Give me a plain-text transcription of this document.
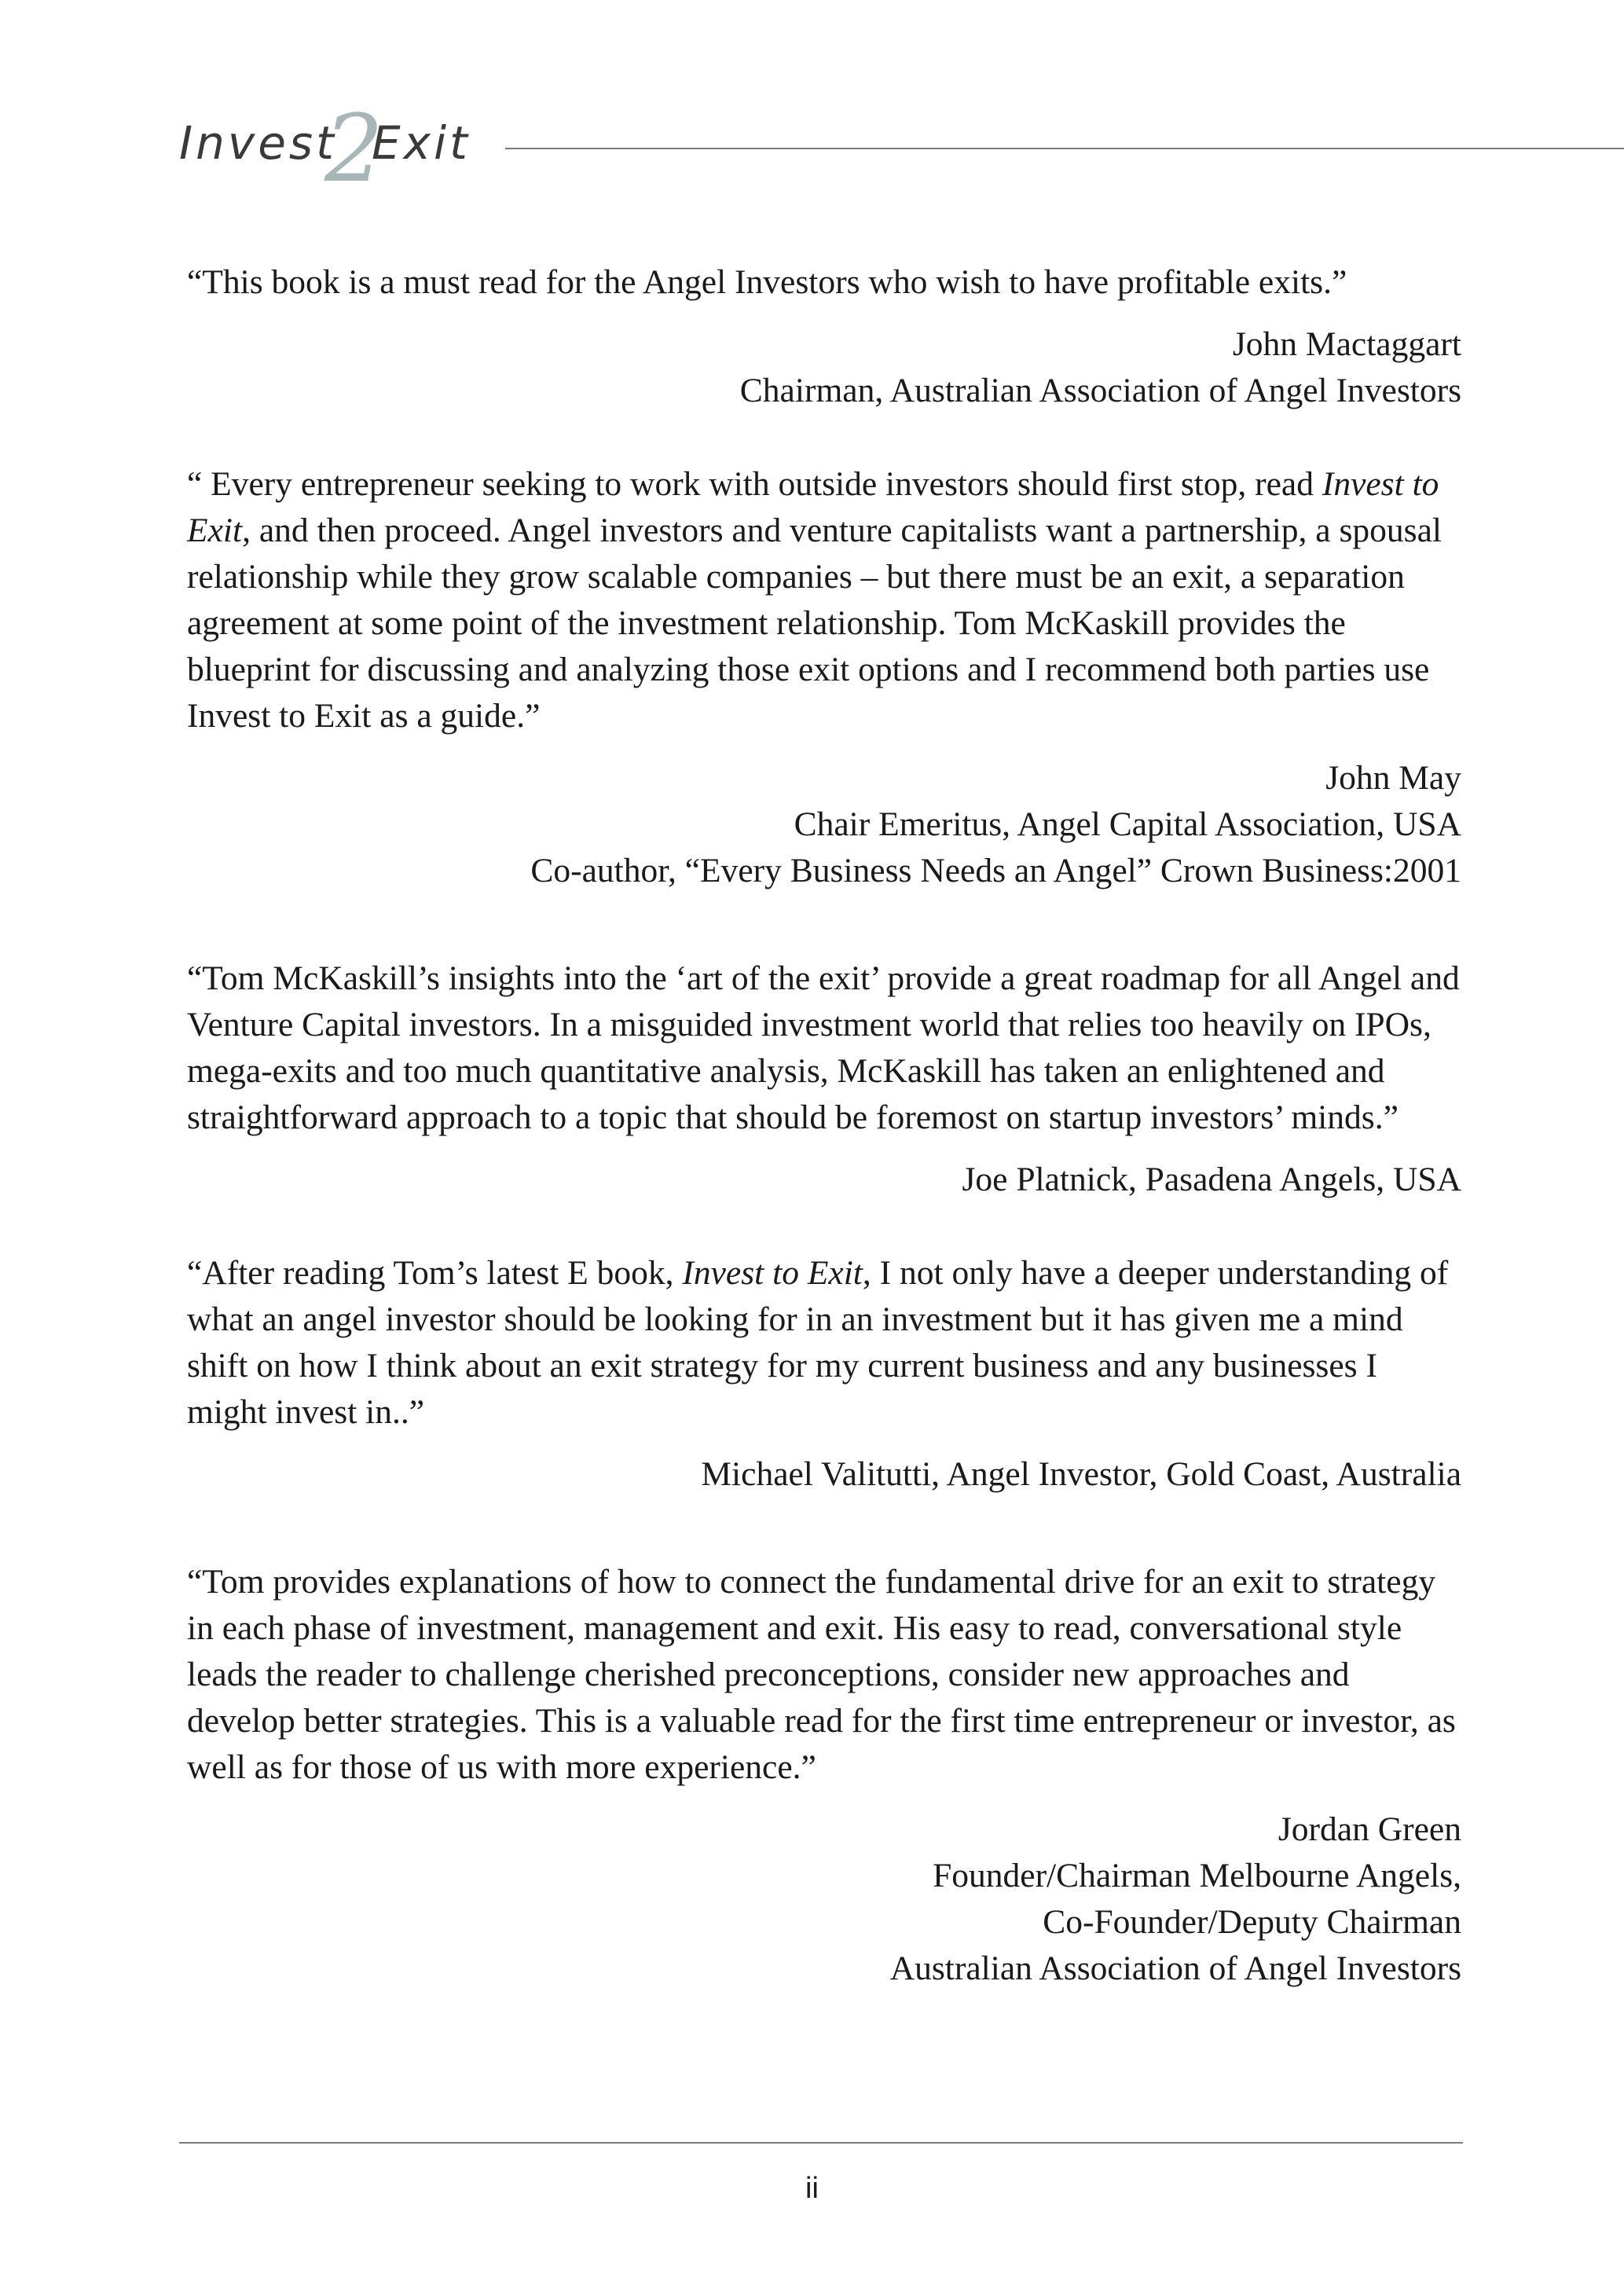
Invest
2
Exit

“This book is a must read for the Angel Investors who wish to have profitable exits.”

John Mactaggart
Chairman, Australian Association of Angel Investors

“ Every entrepreneur seeking to work with outside investors should first stop, read Invest to Exit, and then proceed. Angel investors and venture capitalists want a partnership, a spousal relationship while they grow scalable companies – but there must be an exit, a separation agreement at some point of the investment relationship. Tom McKaskill provides the blueprint for discussing and analyzing those exit options and I recommend both parties use Invest to Exit as a guide.”

John May
Chair Emeritus, Angel Capital Association, USA
Co-author, “Every Business Needs an Angel” Crown Business:2001

“Tom McKaskill’s insights into the ‘art of the exit’ provide a great roadmap for all Angel and Venture Capital investors. In a misguided investment world that relies too heavily on IPOs, mega-exits and too much quantitative analysis, McKaskill has taken an enlightened and straightforward approach to a topic that should be foremost on startup investors’ minds.”

Joe Platnick, Pasadena Angels, USA

“After reading Tom’s latest E book, Invest to Exit, I not only have a deeper understanding of what an angel investor should be looking for in an investment but it has given me a mind shift on how I think about an exit strategy for my current business and any businesses I might invest in..”

Michael Valitutti, Angel Investor, Gold Coast, Australia

“Tom provides explanations of how to connect the fundamental drive for an exit to strategy in each phase of investment, management and exit. His easy to read, conversational style leads the reader to challenge cherished preconceptions, consider new approaches and develop better strategies. This is a valuable read for the first time entrepreneur or investor, as well as for those of us with more experience.”

Jordan Green
Founder/Chairman Melbourne Angels,
Co-Founder/Deputy Chairman
Australian Association of Angel Investors

ii
